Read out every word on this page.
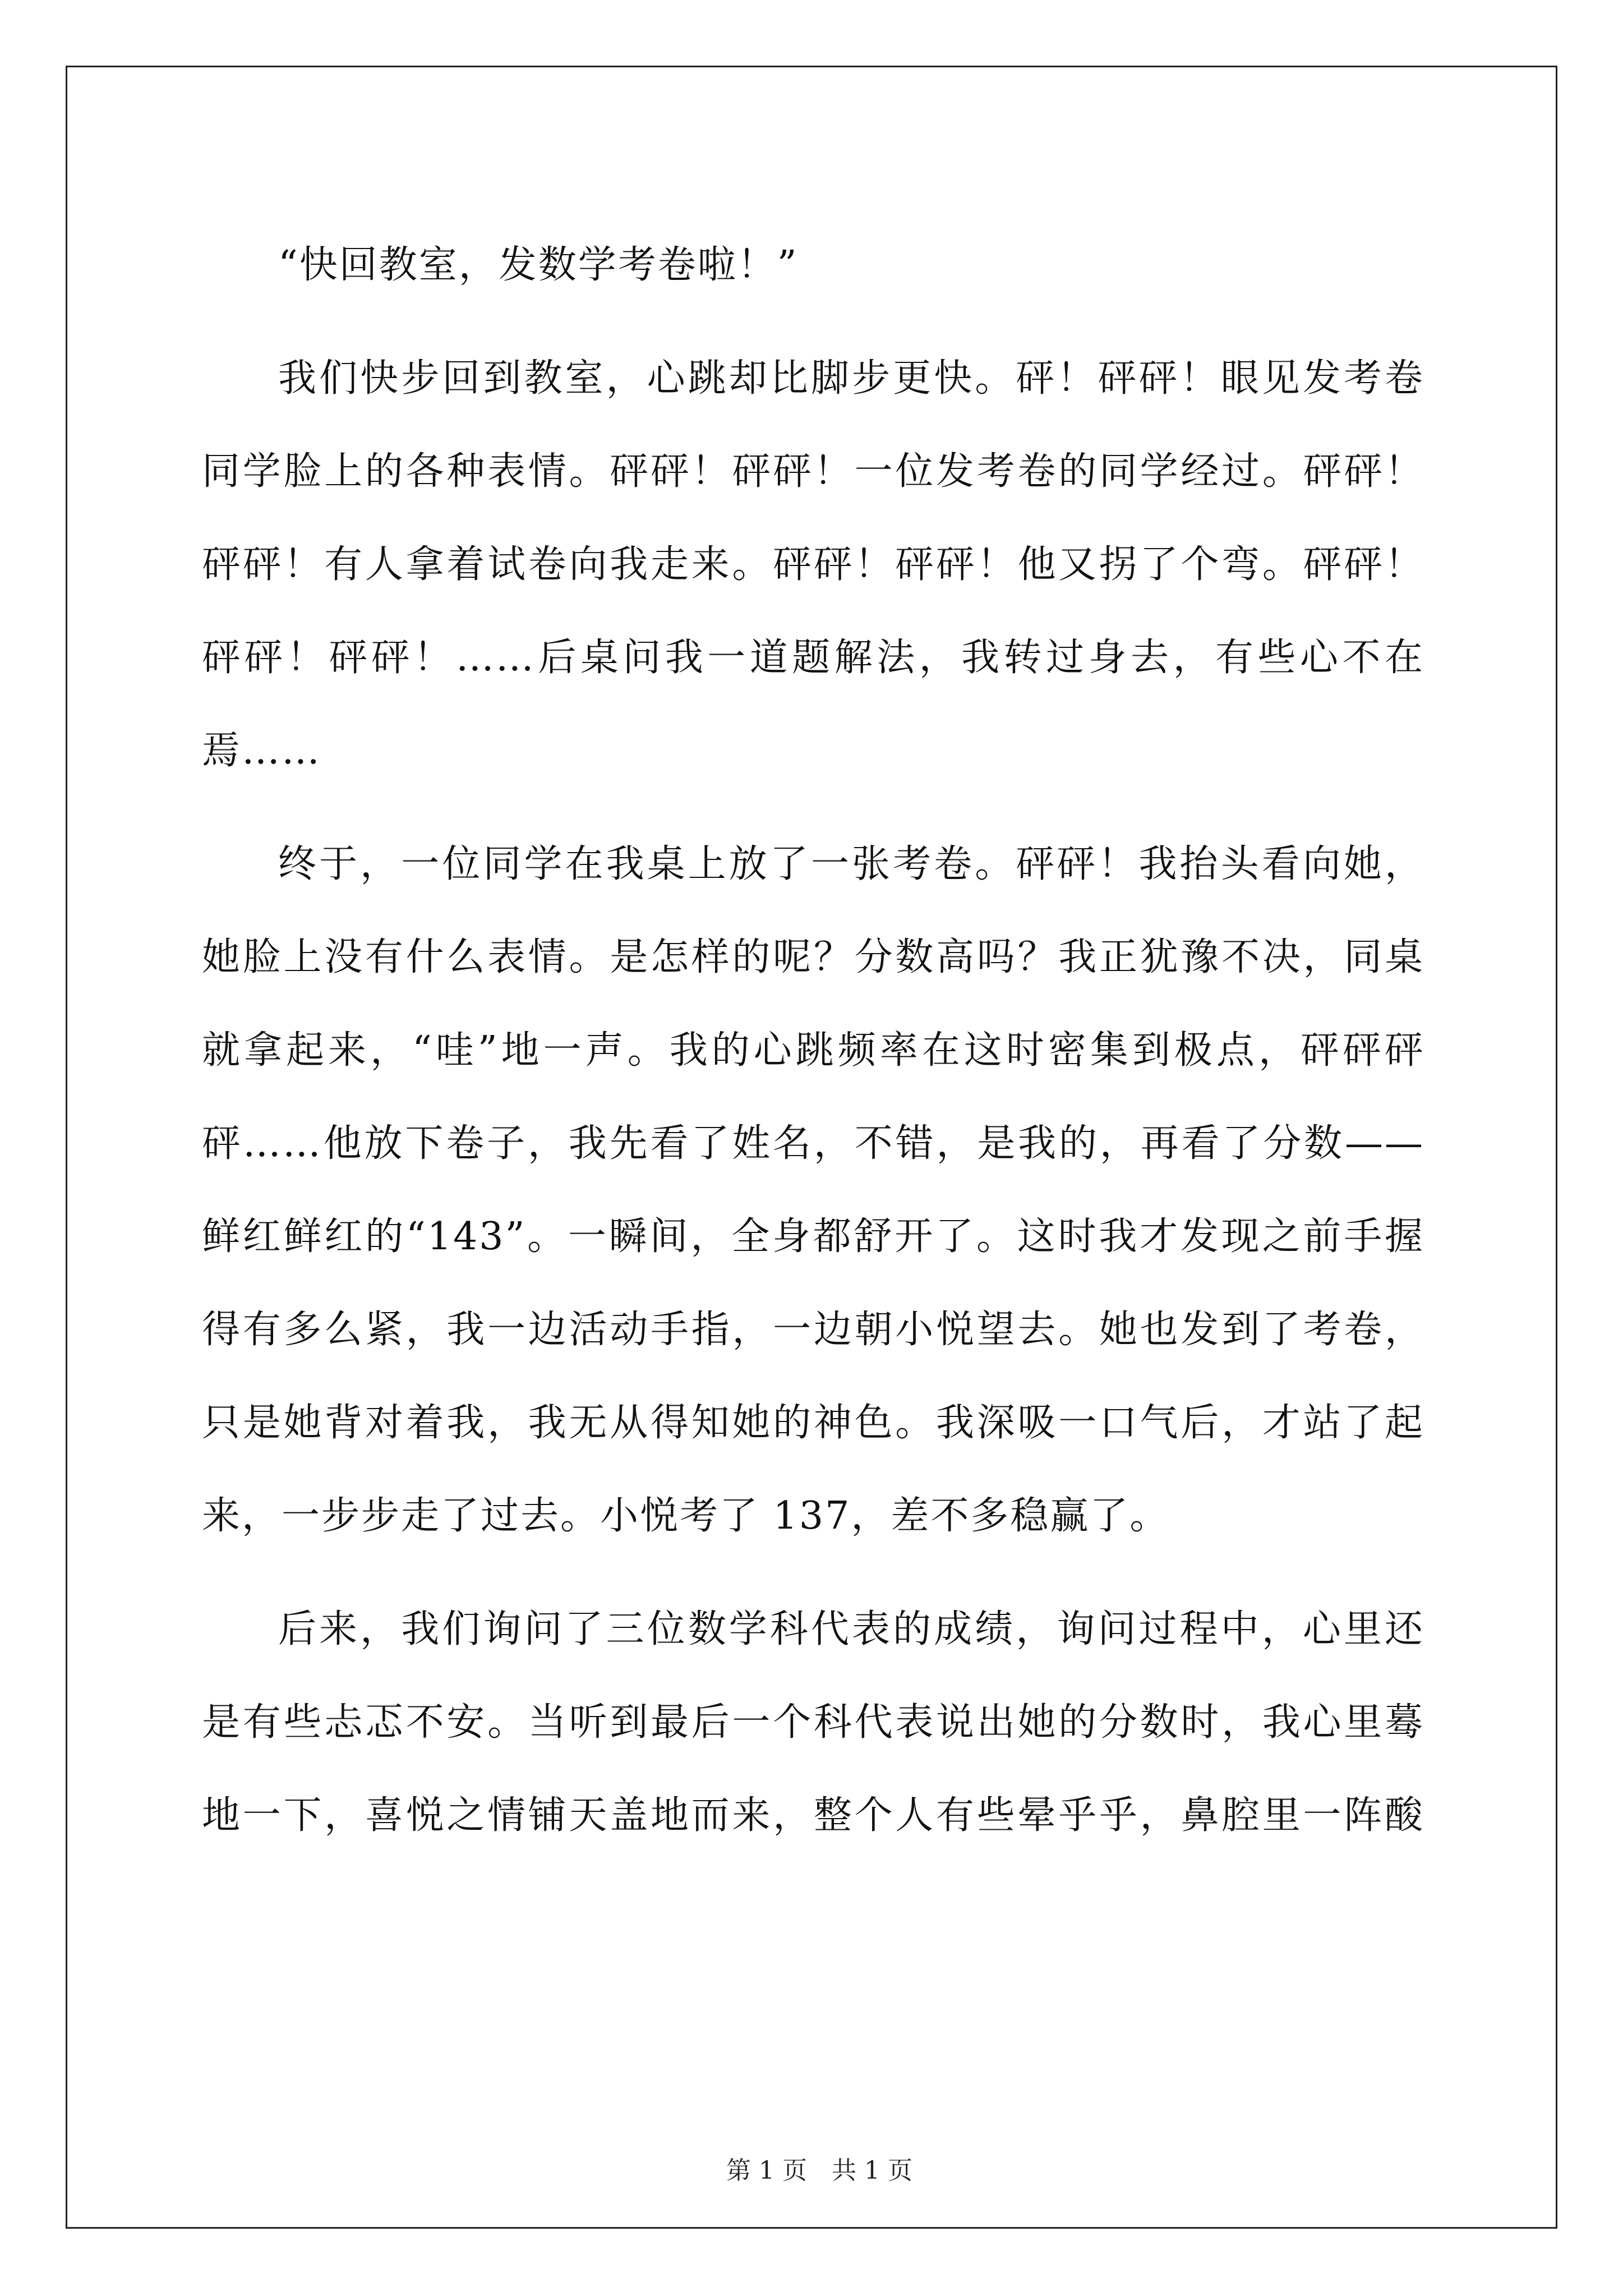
“快回教室，发数学考卷啦！”
我们快步回到教室，心跳却比脚步更快。砰！砰砰！眼见发考卷
同学脸上的各种表情。砰砰！砰砰！一位发考卷的同学经过。砰砰！
砰砰！有人拿着试卷向我走来。砰砰！砰砰！他又拐了个弯。砰砰！
砰砰！砰砰！……后桌问我一道题解法，我转过身去，有些心不在
焉……
终于，一位同学在我桌上放了一张考卷。砰砰！我抬头看向她，
她脸上没有什么表情。是怎样的呢？分数高吗？我正犹豫不决，同桌
就拿起来，“哇”地一声。我的心跳频率在这时密集到极点，砰砰砰
砰……他放下卷子，我先看了姓名，不错，是我的，再看了分数——
鲜红鲜红的“143”。一瞬间，全身都舒开了。这时我才发现之前手握
得有多么紧，我一边活动手指，一边朝小悦望去。她也发到了考卷，
只是她背对着我，我无从得知她的神色。我深吸一口气后，才站了起
来，一步步走了过去。小悦考了 137，差不多稳赢了。
后来，我们询问了三位数学科代表的成绩，询问过程中，心里还
是有些忐忑不安。当听到最后一个科代表说出她的分数时，我心里蓦
地一下，喜悦之情铺天盖地而来，整个人有些晕乎乎，鼻腔里一阵酸

第 1 页　共 1 页
